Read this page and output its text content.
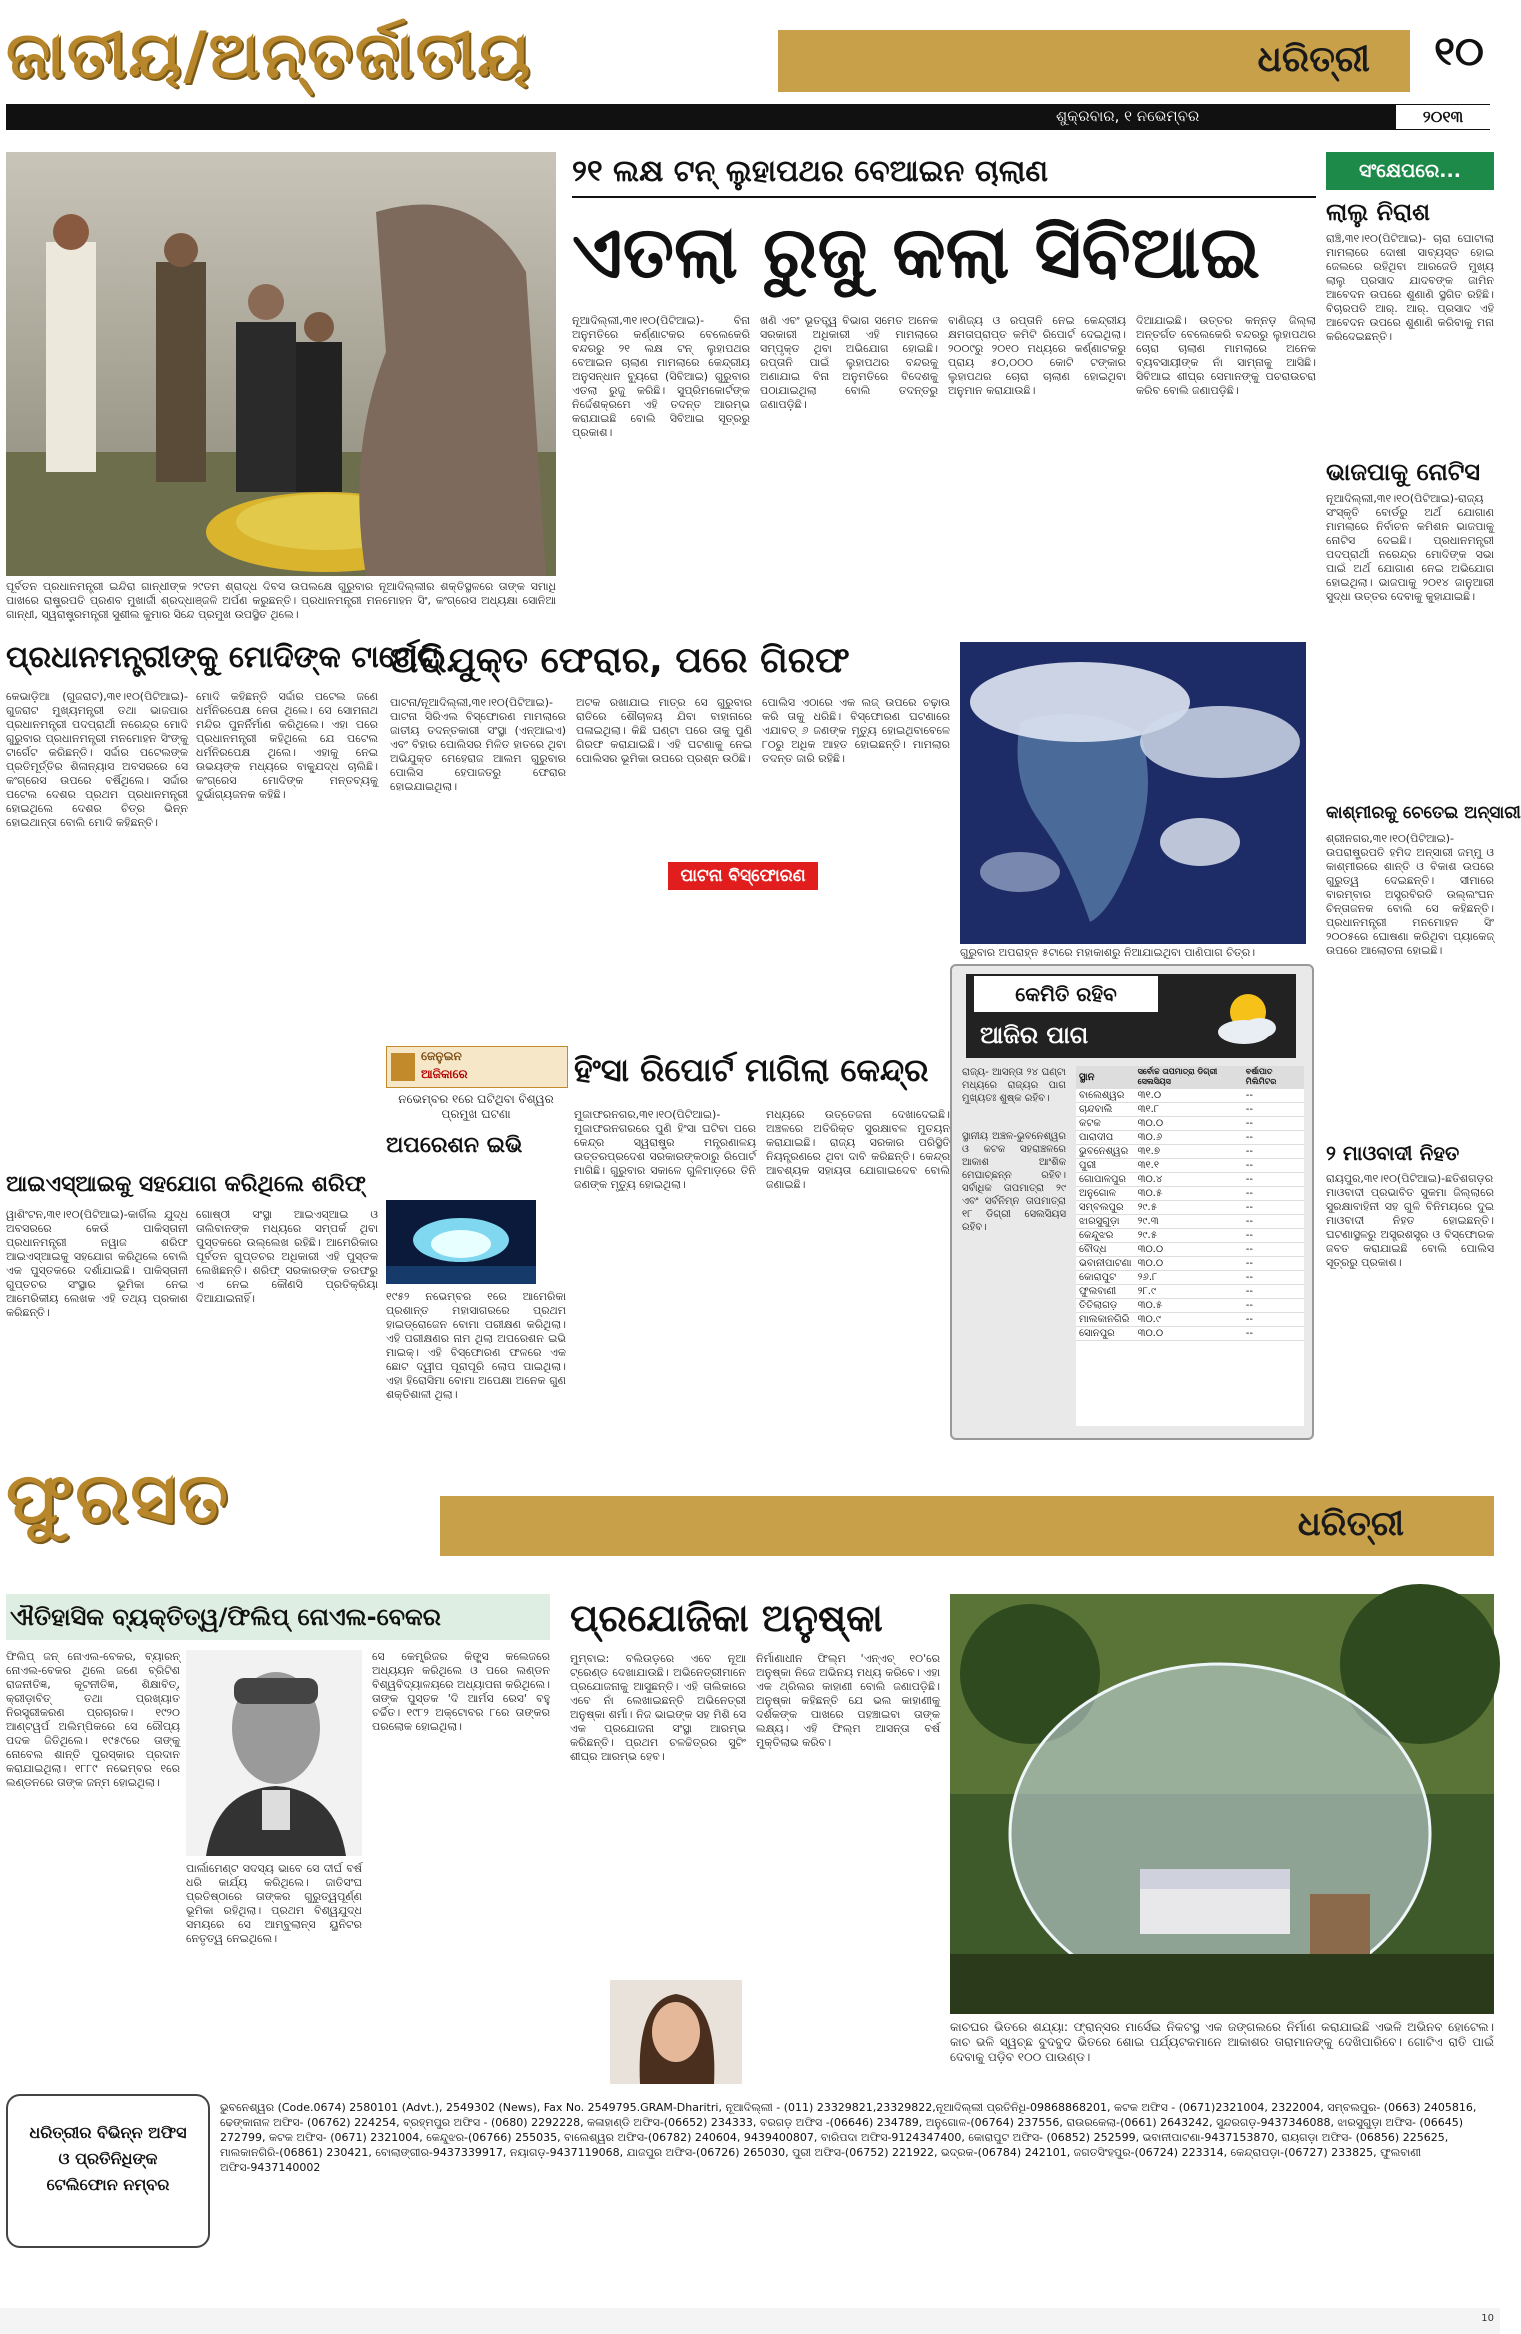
ଜାତୀୟ/ଅନ୍ତର୍ଜାତୀୟ	ଧରିତ୍ରୀ	୧୦
ଶୁକ୍ରବାର, ୧ ନଭେମ୍ବର	୨୦୧୩
ପୂର୍ବତନ ପ୍ରଧାନମନ୍ତ୍ରୀ ଇନ୍ଦିରା ଗାନ୍ଧୀଙ୍କ ୨୯ତମ ଶ୍ରାଦ୍ଧ ଦିବସ ଉପଲକ୍ଷେ ଗୁରୁବାର ନୂଆଦିଲ୍ଲୀର ଶକ୍ତିସ୍ଥଳରେ ତାଙ୍କ ସମାଧି ପାଖରେ ରାଷ୍ଟ୍ରପତି ପ୍ରଣବ ମୁଖାର୍ଜୀ ଶ୍ରଦ୍ଧାଞ୍ଜଳି ଅର୍ପଣ କରୁଛନ୍ତି। ପ୍ରଧାନମନ୍ତ୍ରୀ ମନମୋହନ ସିଂ, କଂଗ୍ରେସ ଅଧ୍ୟକ୍ଷା ସୋନିଆ ଗାନ୍ଧୀ, ସ୍ୱରାଷ୍ଟ୍ରମନ୍ତ୍ରୀ ସୁଶୀଲ କୁମାର ସିନ୍ଦେ ପ୍ରମୁଖ ଉପସ୍ଥିତ ଥିଲେ।
୨୧ ଲକ୍ଷ ଟନ୍ ଲୁହାପଥର ବେଆଇନ ଚାଲାଣ
ଏତଲା ରୁଜୁ କଲା ସିବିଆଇ
ନୂଆଦିଲ୍ଲୀ,୩୧।୧୦(ପିଟିଆଇ)- ବିନା ଅନୁମତିରେ କର୍ଣ୍ଣାଟକର ବେଲେକେରି ବନ୍ଦରରୁ ୨୧ ଲକ୍ଷ ଟନ୍ ଲୁହାପଥର ବେଆଇନ ଚାଲାଣ ମାମଲାରେ କେନ୍ଦ୍ରୀୟ ଅନୁସନ୍ଧାନ ବ୍ୟୁରୋ (ସିବିଆଇ) ଗୁରୁବାର ଏତଲା ରୁଜୁ କରିଛି। ସୁପ୍ରିମକୋର୍ଟଙ୍କ ନିର୍ଦ୍ଦେଶକ୍ରମେ ଏହି ତଦନ୍ତ ଆରମ୍ଭ କରାଯାଇଛି ବୋଲି ସିବିଆଇ ସୂତ୍ରରୁ ପ୍ରକାଶ।
ଖଣି ଏବଂ ଭୂତତ୍ତ୍ୱ ବିଭାଗ ସମେତ ଅନେକ ସରକାରୀ ଅଧିକାରୀ ଏହି ମାମଲାରେ ସମ୍ପୃକ୍ତ ଥିବା ଅଭିଯୋଗ ହୋଇଛି। ରପ୍ତାନି ପାଇଁ ଲୁହାପଥର ବନ୍ଦରକୁ ଅଣାଯାଇ ବିନା ଅନୁମତିରେ ବିଦେଶକୁ ପଠାଯାଇଥିଲା ବୋଲି ତଦନ୍ତରୁ ଜଣାପଡ଼ିଛି।
ବାଣିଜ୍ୟ ଓ ରପ୍ତାନି ନେଇ କେନ୍ଦ୍ରୀୟ କ୍ଷମତାପ୍ରାପ୍ତ କମିଟି ରିପୋର୍ଟ ଦେଇଥିଲା। ୨୦୦୯ରୁ ୨୦୧୦ ମଧ୍ୟରେ କର୍ଣ୍ଣାଟକରୁ ପ୍ରାୟ ୫୦,୦୦୦ କୋଟି ଟଙ୍କାର ଲୁହାପଥର ଚୋରା ଚାଲାଣ ହୋଇଥିବା ଅନୁମାନ କରାଯାଉଛି।
ଦିଆଯାଇଛି। ଉତ୍ତର କନ୍ନଡ଼ ଜିଲ୍ଲା ଅନ୍ତର୍ଗତ ବେଲେକେରି ବନ୍ଦରରୁ ଲୁହାପଥର ଚୋରା ଚାଲାଣ ମାମଲାରେ ଅନେକ ବ୍ୟବସାୟୀଙ୍କ ନାଁ ସାମ୍ନାକୁ ଆସିଛି। ସିବିଆଇ ଶୀଘ୍ର ସେମାନଙ୍କୁ ପଚରାଉଚରା କରିବ ବୋଲି ଜଣାପଡ଼ିଛି।
ସଂକ୍ଷେପରେ...
ଲାଲୁ ନିରାଶ
ରାଞ୍ଚି,୩୧।୧୦(ପିଟିଆଇ)- ଚାରା ଘୋଟାଲା ମାମଲାରେ ଦୋଷୀ ସାବ୍ୟସ୍ତ ହୋଇ ଜେଲରେ ରହିଥିବା ଆରଜେଡି ମୁଖ୍ୟ ଲାଲୁ ପ୍ରସାଦ ଯାଦବଙ୍କ ଜାମିନ ଆବେଦନ ଉପରେ ଶୁଣାଣି ସ୍ଥଗିତ ରହିଛି। ବିଚାରପତି ଆର୍. ଆର୍. ପ୍ରସାଦ ଏହି ଆବେଦନ ଉପରେ ଶୁଣାଣି କରିବାକୁ ମନା କରିଦେଇଛନ୍ତି।
ଭାଜପାକୁ ନୋଟିସ
ନୂଆଦିଲ୍ଲୀ,୩୧।୧୦(ପିଟିଆଇ)-ରାଜ୍ୟ ସଂସ୍କୃତି ବୋର୍ଡରୁ ଅର୍ଥ ଯୋଗାଣ ମାମଲାରେ ନିର୍ବାଚନ କମିଶନ ଭାଜପାକୁ ନୋଟିସ ଦେଇଛି। ପ୍ରଧାନମନ୍ତ୍ରୀ ପଦପ୍ରାର୍ଥୀ ନରେନ୍ଦ୍ର ମୋଦିଙ୍କ ସଭା ପାଇଁ ଅର୍ଥ ଯୋଗାଣ ନେଇ ଅଭିଯୋଗ ହୋଇଥିଲା। ଭାଜପାକୁ ୨୦୧୪ ଜାନୁଆରୀ ସୁଦ୍ଧା ଉତ୍ତର ଦେବାକୁ କୁହାଯାଇଛି।
କାଶ୍ମୀରକୁ ଚେତେଇ ଅନ୍ସାରୀ
ଶ୍ରୀନଗର,୩୧।୧୦(ପିଟିଆଇ)-ଉପରାଷ୍ଟ୍ରପତି ହମିଦ ଅନ୍ସାରୀ ଜମ୍ମୁ ଓ କାଶ୍ମୀରରେ ଶାନ୍ତି ଓ ବିକାଶ ଉପରେ ଗୁରୁତ୍ୱ ଦେଇଛନ୍ତି। ସୀମାରେ ବାରମ୍ବାର ଅସ୍ତ୍ରବିରତି ଉଲ୍ଲଂଘନ ଚିନ୍ତାଜନକ ବୋଲି ସେ କହିଛନ୍ତି। ପ୍ରଧାନମନ୍ତ୍ରୀ ମନମୋହନ ସିଂ ୨୦୦୫ରେ ଘୋଷଣା କରିଥିବା ପ୍ୟାକେଜ୍ ଉପରେ ଆଲୋଚନା ହୋଇଛି।
୨ ମାଓବାଦୀ ନିହତ
ରାୟପୁର,୩୧।୧୦(ପିଟିଆଇ)-ଛତିଶଗଡ଼ର ମାଓବାଦୀ ପ୍ରଭାବିତ ସୁକମା ଜିଲ୍ଲାରେ ସୁରକ୍ଷାବାହିନୀ ସହ ଗୁଳି ବିନିମୟରେ ଦୁଇ ମାଓବାଦୀ ନିହତ ହୋଇଛନ୍ତି। ଘଟଣାସ୍ଥଳରୁ ଅସ୍ତ୍ରଶସ୍ତ୍ର ଓ ବିସ୍ଫୋରକ ଜବତ କରାଯାଇଛି ବୋଲି ପୋଲିସ ସୂତ୍ରରୁ ପ୍ରକାଶ।
ପ୍ରଧାନମନ୍ତ୍ରୀଙ୍କୁ ମୋଦିଙ୍କ ଟାର୍ଗେଟ୍
କେଭାଡ଼ିଆ (ଗୁଜରାଟ),୩୧।୧୦(ପିଟିଆଇ)-ଗୁଜରାଟ ମୁଖ୍ୟମନ୍ତ୍ରୀ ତଥା ଭାଜପାର ପ୍ରଧାନମନ୍ତ୍ରୀ ପଦପ୍ରାର୍ଥୀ ନରେନ୍ଦ୍ର ମୋଦି ଗୁରୁବାର ପ୍ରଧାନମନ୍ତ୍ରୀ ମନମୋହନ ସିଂଙ୍କୁ ଟାର୍ଗେଟ କରିଛନ୍ତି। ସର୍ଦ୍ଦାର ପଟେଲଙ୍କ ପ୍ରତିମୂର୍ତ୍ତିର ଶିଳାନ୍ୟାସ ଅବସରରେ ସେ କଂଗ୍ରେସ ଉପରେ ବର୍ଷିଥିଲେ। ସର୍ଦ୍ଦାର ପଟେଲ ଦେଶର ପ୍ରଥମ ପ୍ରଧାନମନ୍ତ୍ରୀ ହୋଇଥିଲେ ଦେଶର ଚିତ୍ର ଭିନ୍ନ ହୋଇଥାନ୍ତା ବୋଲି ମୋଦି କହିଛନ୍ତି।
ମୋଦି କହିଛନ୍ତି ସର୍ଦ୍ଦାର ପଟେଲ ଜଣେ ଧର୍ମନିରପେକ୍ଷ ନେତା ଥିଲେ। ସେ ସୋମନାଥ ମନ୍ଦିର ପୁନର୍ନିର୍ମାଣ କରିଥିଲେ। ଏହା ପରେ ପ୍ରଧାନମନ୍ତ୍ରୀ କହିଥିଲେ ଯେ ପଟେଲ ଧର୍ମନିରପେକ୍ଷ ଥିଲେ। ଏହାକୁ ନେଇ ଉଭୟଙ୍କ ମଧ୍ୟରେ ବାକ୍ଯୁଦ୍ଧ ଚାଲିଛି। କଂଗ୍ରେସ ମୋଦିଙ୍କ ମନ୍ତବ୍ୟକୁ ଦୁର୍ଭାଗ୍ୟଜନକ କହିଛି।
ଆଇଏସ୍ଆଇକୁ ସହଯୋଗ କରିଥିଲେ ଶରିଫ୍
ୱାଶିଂଟନ,୩୧।୧୦(ପିଟିଆଇ)-କାର୍ଗିଲ ଯୁଦ୍ଧ ଅବସରରେ କେଉଁ ପାକିସ୍ତାନୀ ପ୍ରଧାନମନ୍ତ୍ରୀ ନୱାଜ ଶରିଫ ଆଇଏସ୍ଆଇକୁ ସହଯୋଗ କରିଥିଲେ ବୋଲି ଏକ ପୁସ୍ତକରେ ଦର୍ଶାଯାଇଛି। ପାକିସ୍ତାନୀ ଗୁପ୍ତଚର ସଂସ୍ଥାର ଭୂମିକା ନେଇ ଆମେରିକୀୟ ଲେଖକ ଏହି ତଥ୍ୟ ପ୍ରକାଶ କରିଛନ୍ତି।
ଗୋଷ୍ଠୀ ସଂସ୍ଥା ଆଇଏସ୍ଆଇ ଓ ତାଲିବାନଙ୍କ ମଧ୍ୟରେ ସମ୍ପର୍କ ଥିବା ପୁସ୍ତକରେ ଉଲ୍ଲେଖ ରହିଛି। ଆମେରିକାର ପୂର୍ବତନ ଗୁପ୍ତଚର ଅଧିକାରୀ ଏହି ପୁସ୍ତକ ଲେଖିଛନ୍ତି। ଶରିଫ୍ ସରକାରଙ୍କ ତରଫରୁ ଏ ନେଇ କୌଣସି ପ୍ରତିକ୍ରିୟା ଦିଆଯାଇନାହିଁ।
ଅଭିଯୁକ୍ତ ଫେରାର, ପରେ ଗିରଫ
ପାଟନା/ନୂଆଦିଲ୍ଲୀ,୩୧।୧୦(ପିଟିଆଇ)-ପାଟନା ସିରିଏଲ ବିସ୍ଫୋରଣ ମାମଲାରେ ଜାତୀୟ ତଦନ୍ତକାରୀ ସଂସ୍ଥା (ଏନ୍ଆଇଏ) ଏବଂ ବିହାର ପୋଲିସର ମିଳିତ ହାତରେ ଥିବା ଅଭିଯୁକ୍ତ ମେହେରାଜ ଆଲମ ଗୁରୁବାର ପୋଲିସ ହେପାଜତରୁ ଫେରାର ହୋଇଯାଇଥିଲା।
ଅଟକ ରଖାଯାଇ ମାତ୍ର ସେ ଗୁରୁବାର ରାତିରେ ଶୌଚାଳୟ ଯିବା ବାହାନାରେ ପଳାଇଥିଲା। କିଛି ଘଣ୍ଟା ପରେ ତାକୁ ପୁଣି ଗିରଫ କରାଯାଇଛି। ଏହି ଘଟଣାକୁ ନେଇ ପୋଲିସର ଭୂମିକା ଉପରେ ପ୍ରଶ୍ନ ଉଠିଛି।
ପାଟନା ବିସ୍ଫୋରଣ
ପୋଲିସ ଏଠାରେ ଏକ ଲଜ୍ ଉପରେ ଚଢ଼ାଉ କରି ତାକୁ ଧରିଛି। ବିସ୍ଫୋରଣ ଘଟଣାରେ ଏଯାବତ୍ ୬ ଜଣଙ୍କ ମୃତ୍ୟୁ ହୋଇଥିବାବେଳେ ୮୦ରୁ ଅଧିକ ଆହତ ହୋଇଛନ୍ତି। ମାମଲାର ତଦନ୍ତ ଜାରି ରହିଛି।
ଜେନୁଇନ
ଆଜିକାରେ
ନଭେମ୍ବର ୧ରେ ଘଟିଥିବା ବିଶ୍ୱର ପ୍ରମୁଖ ଘଟଣା
ଅପରେଶନ ଇଭି
୧୯୫୨ ନଭେମ୍ବର ୧ରେ ଆମେରିକା ପ୍ରଶାନ୍ତ ମହାସାଗରରେ ପ୍ରଥମ ହାଇଡ୍ରୋଜେନ ବୋମା ପରୀକ୍ଷଣ କରିଥିଲା। ଏହି ପରୀକ୍ଷଣର ନାମ ଥିଲା ଅପରେଶନ ଇଭି ମାଇକ୍। ଏହି ବିସ୍ଫୋରଣ ଫଳରେ ଏକ ଛୋଟ ଦ୍ୱୀପ ପୂରାପୂରି ଲୋପ ପାଇଥିଲା। ଏହା ହିରୋସିମା ବୋମା ଅପେକ୍ଷା ଅନେକ ଗୁଣ ଶକ୍ତିଶାଳୀ ଥିଲା।
ହିଂସା ରିପୋର୍ଟ ମାଗିଲା କେନ୍ଦ୍ର
ମୁଜାଫରନଗର,୩୧।୧୦(ପିଟିଆଇ)-ମୁଜାଫରନଗରରେ ପୁଣି ହିଂସା ଘଟିବା ପରେ କେନ୍ଦ୍ର ସ୍ୱରାଷ୍ଟ୍ର ମନ୍ତ୍ରଣାଳୟ ଉତ୍ତରପ୍ରଦେଶ ସରକାରଙ୍କଠାରୁ ରିପୋର୍ଟ ମାଗିଛି। ଗୁରୁବାର ସକାଳେ ଗୁଳିମାଡ଼ରେ ତିନି ଜଣଙ୍କ ମୃତ୍ୟୁ ହୋଇଥିଲା।
ମଧ୍ୟରେ ଉତ୍ତେଜନା ଦେଖାଦେଇଛି। ଅଞ୍ଚଳରେ ଅତିରିକ୍ତ ସୁରକ୍ଷାବଳ ମୁତୟନ କରାଯାଇଛି। ରାଜ୍ୟ ସରକାର ପରିସ୍ଥିତି ନିୟନ୍ତ୍ରଣରେ ଥିବା ଦାବି କରିଛନ୍ତି। କେନ୍ଦ୍ର ଆବଶ୍ୟକ ସହାୟତା ଯୋଗାଇଦେବ ବୋଲି ଜଣାଇଛି।
ଗୁରୁବାର ଅପରାହ୍ନ ୫ଟାରେ ମହାକାଶରୁ ନିଆଯାଇଥିବା ପାଣିପାଗ ଚିତ୍ର।
କେମିତି ରହିବ
ଆଜିର ପାଗ
ରାଜ୍ୟ- ଆସନ୍ତା ୨୪ ଘଣ୍ଟା ମଧ୍ୟରେ ରାଜ୍ୟର ପାଗ ମୁଖ୍ୟତଃ ଶୁଷ୍କ ରହିବ।
ସ୍ଥାନୀୟ ଅଞ୍ଚଳ-ଭୁବନେଶ୍ୱର ଓ କଟକ ସହରାଞ୍ଚଳରେ ଆକାଶ ଆଂଶିକ ମେଘାଚ୍ଛନ୍ନ ରହିବ। ସର୍ବାଧିକ ତାପମାତ୍ରା ୨୯ ଏବଂ ସର୍ବନିମ୍ନ ତାପମାତ୍ରା ୧୮ ଡିଗ୍ରୀ ସେଲସିୟସ ରହିବ।
ସ୍ଥାନ	ସର୍ବୋଚ୍ଚ ତାପମାତ୍ରା ଡିଗ୍ରୀ ସେଲସିୟସ	ବର୍ଷାପାତ ମିଲିମିଟର
ବାଲେଶ୍ୱର	୩୧.୦	--
ଚାନ୍ଦବାଲି	୩୧.୮	--
କଟକ	୩୦.୦	--
ପାରାଦୀପ	୩୦.୬	--
ଭୁବନେଶ୍ୱର	୩୧.୭	--
ପୁରୀ	୩୧.୧	--
ଗୋପାଳପୁର	୩୦.୪	--
ଅନୁଗୋଳ	୩୦.୫	--
ସମ୍ବଲପୁର	୨୯.୫	--
ଝାରସୁଗୁଡ଼ା	୨୯.୩	--
କେନ୍ଦୁଝର	୨୯.୫	--
ବୌଦ୍ଧ	୩୦.୦	--
ଭବାନୀପାଟଣା	୩୦.୦	--
କୋରାପୁଟ	୨୬.୮	--
ଫୁଲବାଣୀ	୨୮.୯	--
ତିତିଲାଗଡ଼	୩୦.୫	--
ମାଲକାନଗିରି	୩୦.୯	--
ସୋନପୁର	୩୦.୦	--
ଫୁରସତ	ଧରିତ୍ରୀ
ଐତିହାସିକ ବ୍ୟକ୍ତିତ୍ୱ/ଫିଲିପ୍ ନୋଏଲ-ବେକର
ଫିଲିପ୍ ଜନ୍ ନୋଏଲ-ବେକର, ବ୍ୟାରନ୍ ନୋଏଲ-ବେକର ଥିଲେ ଜଣେ ବ୍ରିଟିଶ ରାଜନୀତିଜ୍ଞ, କୂଟନୀତିଜ୍ଞ, ଶିକ୍ଷାବିତ୍, କ୍ରୀଡ଼ାବିତ୍ ତଥା ପ୍ରଖ୍ୟାତ ନିରସ୍ତ୍ରୀକରଣ ପ୍ରଚାରକ। ୧୯୨୦ ଆଣ୍ଟୱର୍ପ ଅଲିମ୍ପିକରେ ସେ ରୌପ୍ୟ ପଦକ ଜିତିଥିଲେ। ୧୯୫୯ରେ ତାଙ୍କୁ ନୋବେଲ ଶାନ୍ତି ପୁରସ୍କାର ପ୍ରଦାନ କରାଯାଇଥିଲା। ୧୮୮୯ ନଭେମ୍ବର ୧ରେ ଲଣ୍ଡନରେ ତାଙ୍କ ଜନ୍ମ ହୋଇଥିଲା।
ପାର୍ଲାମେଣ୍ଟ ସଦସ୍ୟ ଭାବେ ସେ ଦୀର୍ଘ ବର୍ଷ ଧରି କାର୍ଯ୍ୟ କରିଥିଲେ। ଜାତିସଂଘ ପ୍ରତିଷ୍ଠାରେ ତାଙ୍କର ଗୁରୁତ୍ୱପୂର୍ଣ୍ଣ ଭୂମିକା ରହିଥିଲା। ପ୍ରଥମ ବିଶ୍ୱଯୁଦ୍ଧ ସମୟରେ ସେ ଆମ୍ବୁଲାନ୍ସ ୟୁନିଟର ନେତୃତ୍ୱ ନେଇଥିଲେ।
ସେ କେମ୍ବ୍ରିଜର କିଙ୍ଗ୍ସ କଲେଜରେ ଅଧ୍ୟୟନ କରିଥିଲେ ଓ ପରେ ଲଣ୍ଡନ ବିଶ୍ୱବିଦ୍ୟାଳୟରେ ଅଧ୍ୟାପନା କରିଥିଲେ। ତାଙ୍କ ପୁସ୍ତକ 'ଦି ଆର୍ମସ ରେସ' ବହୁ ଚର୍ଚ୍ଚିତ। ୧୯୮୨ ଅକ୍ଟୋବର ୮ରେ ତାଙ୍କର ପରଲୋକ ହୋଇଥିଲା।
ପ୍ରଯୋଜିକା ଅନୁଷ୍କା
ମୁମ୍ବାଇ: ବଲିଉଡ଼ରେ ଏବେ ନୂଆ ଟ୍ରେଣ୍ଡ ଦେଖାଯାଉଛି। ଅଭିନେତ୍ରୀମାନେ ପ୍ରଯୋଜନାକୁ ଆସୁଛନ୍ତି। ଏହି ତାଲିକାରେ ଏବେ ନାଁ ଲେଖାଇଛନ୍ତି ଅଭିନେତ୍ରୀ ଅନୁଷ୍କା ଶର୍ମା। ନିଜ ଭାଇଙ୍କ ସହ ମିଶି ସେ ଏକ ପ୍ରଯୋଜନା ସଂସ୍ଥା ଆରମ୍ଭ କରିଛନ୍ତି। ପ୍ରଥମ ଚଳଚ୍ଚିତ୍ରର ସୁଟିଂ ଶୀଘ୍ର ଆରମ୍ଭ ହେବ।
ନିର୍ମାଣାଧୀନ ଫିଲ୍ମ 'ଏନ୍ଏଚ୍ ୧୦'ରେ ଅନୁଷ୍କା ନିଜେ ଅଭିନୟ ମଧ୍ୟ କରିବେ। ଏହା ଏକ ଥ୍ରିଲର କାହାଣୀ ବୋଲି ଜଣାପଡ଼ିଛି। ଅନୁଷ୍କା କହିଛନ୍ତି ଯେ ଭଲ କାହାଣୀକୁ ଦର୍ଶକଙ୍କ ପାଖରେ ପହଞ୍ଚାଇବା ତାଙ୍କ ଲକ୍ଷ୍ୟ। ଏହି ଫିଲ୍ମ ଆସନ୍ତା ବର୍ଷ ମୁକ୍ତିଲାଭ କରିବ।
କାଚଘର ଭିତରେ ଶଯ୍ୟା: ଫ୍ରାନ୍ସର ମାର୍ସେଇ ନିକଟସ୍ଥ ଏକ ଜଙ୍ଗଲରେ ନିର୍ମାଣ କରାଯାଇଛି ଏଭଳି ଅଭିନବ ହୋଟେଲ। କାଚ ଭଳି ସ୍ୱଚ୍ଛ ବୁଦବୁଦ ଭିତରେ ଶୋଇ ପର୍ଯ୍ୟଟକମାନେ ଆକାଶର ତାରାମାନଙ୍କୁ ଦେଖିପାରିବେ। ଗୋଟିଏ ରାତି ପାଇଁ ଦେବାକୁ ପଡ଼ିବ ୧୦୦ ପାଉଣ୍ଡ।
ଧରିତ୍ରୀର ବିଭିନ୍ନ ଅଫିସ ଓ ପ୍ରତିନିଧିଙ୍କ ଟେଲିଫୋନ ନମ୍ବର
ଭୁବନେଶ୍ୱର (Code.0674) 2580101 (Advt.), 2549302 (News), Fax No. 2549795.GRAM-Dharitri, ନୂଆଦିଲ୍ଲୀ - (011) 23329821,23329822,ନୂଆଦିଲ୍ଲୀ ପ୍ରତିନିଧି-09868868201, କଟକ ଅଫିସ - (0671)2321004, 2322004, ସମ୍ବଲପୁର- (0663) 2405816, ଢେଙ୍କାନାଳ ଅଫିସ- (06762) 224254, ବ୍ରହ୍ମପୁର ଅଫିସ - (0680) 2292228, କଳାହାଣ୍ଡି ଅଫିସ-(06652) 234333, ବରଗଡ଼ ଅଫିସ -(06646) 234789, ଅନୁଗୋଳ-(06764) 237556, ରାଉରକେଲା-(0661) 2643242, ସୁନ୍ଦରଗଡ଼-9437346088, ଝାରସୁଗୁଡ଼ା ଅଫିସ- (06645) 272799, କଟକ ଅଫିସ- (0671) 2321004, କେନ୍ଦୁଝର-(06766) 255035, ବାଲେଶ୍ୱର ଅଫିସ-(06782) 240604, 9439400807, ବାରିପଦା ଅଫିସ-9124347400, କୋରାପୁଟ ଅଫିସ- (06852) 252599, ଭବାନୀପାଟଣା-9437153870, ରାୟଗଡ଼ା ଅଫିସ- (06856) 225625, ମାଲକାନଗିରି-(06861) 230421, ବୋଲାଙ୍ଗୀର-9437339917, ନୟାଗଡ଼-9437119068, ଯାଜପୁର ଅଫିସ-(06726) 265030, ପୁରୀ ଅଫିସ-(06752) 221922, ଭଦ୍ରକ-(06784) 242101, ଜଗତସିଂହପୁର-(06724) 223314, କେନ୍ଦ୍ରାପଡ଼ା-(06727) 233825, ଫୁଲବାଣୀ ଅଫିସ-9437140002
10
